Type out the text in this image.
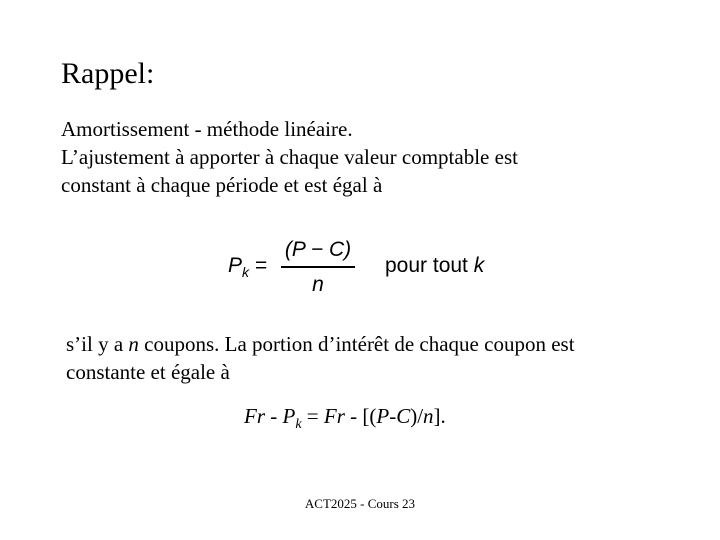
Rappel:
Amortissement - méthode linéaire.
L’ajustement à apporter à chaque valeur comptable est
constant à chaque période et est égal à
$P_k$ =
(P − C)
n
pour tout k
s’il y a n coupons. La portion d’intérêt de chaque coupon est
constante et égale à
$Fr - P_k = Fr - [(P-C)/n]$.
ACT2025 - Cours 23
